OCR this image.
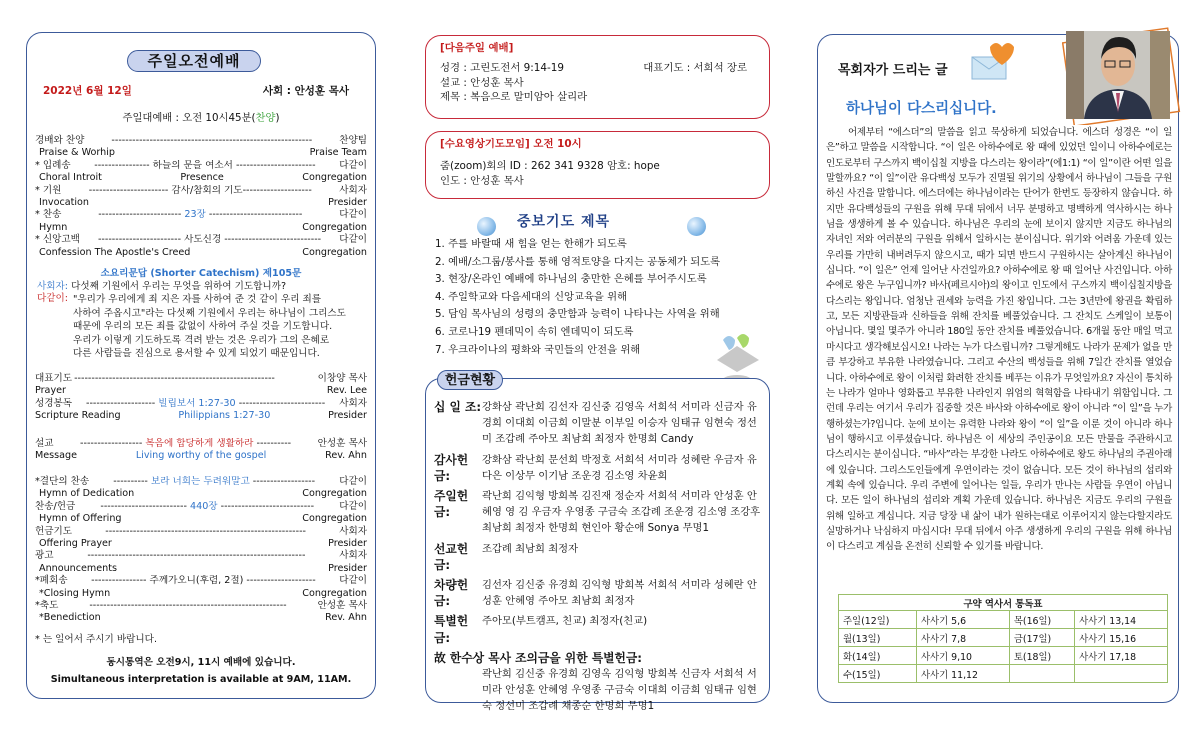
주일오전예배
2022년 6월 12일	사회 : 안성훈 목사
주일대예배 : 오전 10시45분(찬양)
경배와 찬양	----------------------------------------------------------	찬양팀
Praise & Worhip	Praise Team
* 입례송	---------------- 하늘의 문을 여소서 -----------------------	다같이
Choral Introit	Presence	Congregation
* 기원	----------------------- 감사/참회의 기도--------------------	사회자
Invocation	Presider
* 찬송	------------------------ 23장 ---------------------------	다같이
Hymn	Congregation
* 신앙고백	------------------------ 사도신경 ----------------------------	다같이
Confession The Apostle's Creed	Congregation
소요리문답 (Shorter Catechism) 제105문
사회자: 다섯째 기원에서 우리는 무엇을 위하여 기도합니까?
다같이: "우리가 우리에게 죄 지은 자를 사하여 준 것 같이 우리 죄를
사하여 주옵시고"라는 다섯째 기원에서 우리는 하나님이 그리스도
때문에 우리의 모든 죄를 값없이 사하여 주실 것을 기도합니다.
우리가 이렇게 기도하도록 격려 받는 것은 우리가 그의 은혜로
다른 사람들을 진심으로 용서할 수 있게 되었기 때문입니다.
대표기도 ----------------------------------------------------------	이창양 목사
Prayer	Rev. Lee
성경봉독	-------------------- 빌립보서 1:27-30 -------------------------	사회자
Scripture Reading	Philippians 1:27-30	Presider
설교	------------------ 복음에 합당하게 생활하라 ----------	안성훈 목사
Message	Living worthy of the gospel	Rev. Ahn
*결단의 찬송	---------- 보라 너희는 두려워말고 ------------------	다같이
Hymn of Dedication	Congregation
찬송/헌금	------------------------- 440장 ---------------------------	다같이
Hymn of Offering	Congregation
헌금기도	----------------------------------------------------------	사회자
Offering Prayer	Presider
광고	---------------------------------------------------------------	사회자
Announcements	Presider
*폐회송	---------------- 주께가오니(후렴, 2절) --------------------	다같이
*Closing Hymn	Congregation
*축도	---------------------------------------------------------	안성훈 목사
*Benediction	Rev. Ahn
* 는 일어서 주시기 바랍니다.
동시통역은 오전9시, 11시 예배에 있습니다.
Simultaneous interpretation is available at 9AM, 11AM.
[다음주일 예배]
성경 : 고린도전서 9:14-19	대표기도 : 서희석 장로
설교 : 안성훈 목사
제목 : 복음으로 말미암아 살리라
[수요영상기도모임] 오전 10시
줌(zoom)회의 ID : 262 341 9328 암호: hope
인도 : 안성훈 목사
중보기도 제목
1. 주를 바랄때 새 힘을 얻는 한해가 되도록
2. 예배/소그룹/봉사를 통해 영적토양을 다지는 공동체가 되도록
3. 현장/온라인 예배에 하나님의 충만한 은혜를 부어주시도록
4. 주일학교와 다음세대의 신앙교육을 위해
5. 담임 목사님의 성령의 충만함과 능력이 나타나는 사역을 위해
6. 코로나19 펜데믹이 속히 엔데믹이 되도록
7. 우크라이나의 평화와 국민들의 안전을 위해
십 일 조: 강화삼 곽난희 김선자 김신중 김영옥 서희석 서미라 신금자 유경희 이대희 이금희 이말분 이부일 이승자 임태규 임현숙 정선미 조갑례 주아모 최남희 최정자 한명희 Candy
감사헌금:
강화삼 곽난희 문선희 박정호 서희석 서미라 성혜란 우금자 유다은 이상무 이기남 조운경 김소영 차윤희
주일헌금:
곽난희 김익형 방희복 김진재 정순자 서희석 서미라 안성훈 안혜영 영 김 우금자 우영종 구금숙 조갑례 조운경 김소영 조강후 최남희 최정자 한명희 현인아 황순애 Sonya 무명1
선교헌금:
조갑례 최남희 최정자
차량헌금:
김선자 김신중 유경희 김익형 방희복 서희석 서미라 성혜란 안성훈 안혜영 주아모 최남희 최정자
특별헌금:
주아모(부트캠프, 친교) 최정자(친교)
故 한수상 목사 조의금을 위한 특별헌금:
곽난희 김신중 유경희 김영옥 김익형 방희복 신금자 서희석 서미라 안성훈 안혜영 우영종 구금숙 이대희 이금희 임태규 임현숙 정선미 조갑례 채종순 한명희 무명1
헌금현황
목회자가 드리는 글
하나님이 다스리십니다.
어제부터 “에스더”의 말씀을 읽고 묵상하게 되었습니다. 에스더 성경은 “이 일은”하고 말씀을 시작합니다. “이 일은 아하수에로 왕 때에 있었던 일이니 아하수에로는 인도로부터 구스까지 백이십칠 지방을 다스리는 왕이라”(에1:1) “이 일”이란 어떤 일을 말할까요? “이 일”이란 유다백성 모두가 진멸될 위기의 상황에서 하나님이 그들을 구원하신 사건을 말합니다. 에스더에는 하나님이라는 단어가 한번도 등장하지 않습니다. 하지만 유다백성들의 구원을 위해 무대 뒤에서 너무 분명하고 명백하게 역사하시는 하나님을 생생하게 볼 수 있습니다. 하나님은 우리의 눈에 보이지 않지만 지금도 하나님의 자녀인 저와 여러분의 구원을 위해서 일하시는 분이십니다. 위기와 어려움 가운데 있는 우리를 가만히 내버려두지 않으시고, 때가 되면 반드시 구원하시는 살아계신 하나님이십니다. “이 일은” 언제 일어난 사건일까요? 아하수에로 왕 때 일어난 사건입니다. 아하수에로 왕은 누구입니까? 바사(페르시아)의 왕이고 인도에서 구스까지 백이십칠지방을 다스리는 왕입니다. 엄청난 권세와 능력을 가진 왕입니다. 그는 3년만에 왕권을 확립하고, 모든 지방관들과 신하들을 위해 잔치를 베풀었습니다. 그 잔치도 스케일이 보통이 아닙니다. 몇일 몇주가 아니라 180일 동안 잔치를 베풀었습니다. 6개월 동안 매일 먹고 마시다고 생각해보십시오! 나라는 누가 다스립니까? 그렇게해도 나라가 문제가 없을 만큼 부강하고 부유한 나라였습니다. 그리고 수산의 백성들을 위해 7일간 잔치를 열었습니다. 아하수에로 왕이 이처럼 화려한 잔치를 베푸는 이유가 무엇일까요? 자신이 통치하는 나라가 얼마나 영화롭고 부유한 나라인지 위엄의 혁혁함을 나타내기 위함입니다. 그런데 우리는 여기서 우리가 집중할 것은 바사와 아하수에로 왕이 아니라 “이 일”을 누가 행하셨는가?입니다. 눈에 보이는 유력한 나라와 왕이 “이 일”을 이룬 것이 아니라 하나님이 행하시고 이루셨습니다. 하나님은 이 세상의 주인공이요 모든 만물을 주관하시고 다스리시는 분이십니다. “바사”라는 부강한 나라도 아하수에로 왕도 하나님의 주권아래에 있습니다. 그리스도인들에게 우연이라는 것이 없습니다. 모든 것이 하나님의 섭리와 계획 속에 있습니다. 우리 주변에 일어나는 일들, 우리가 만나는 사람들 우연이 아닙니다. 모든 일이 하나님의 섭리와 계획 가운데 있습니다. 하나님은 지금도 우리의 구원을 위해 일하고 계십니다. 지금 당장 내 삶이 내가 원하는대로 이루어지지 않는다할지라도 실망하거나 낙심하지 마십시다! 무대 뒤에서 아주 생생하게 우리의 구원을 위해 하나님이 다스리고 계심을 온전히 신뢰할 수 있기를 바랍니다.
구약 역사서 통독표			
주일(12일)	사사기 5,6	목(16일)	사사기 13,14
월(13일)	사사기 7,8	금(17일)	사사기 15,16
화(14일)	사사기 9,10	토(18일)	사사기 17,18
수(15일)	사사기 11,12		
